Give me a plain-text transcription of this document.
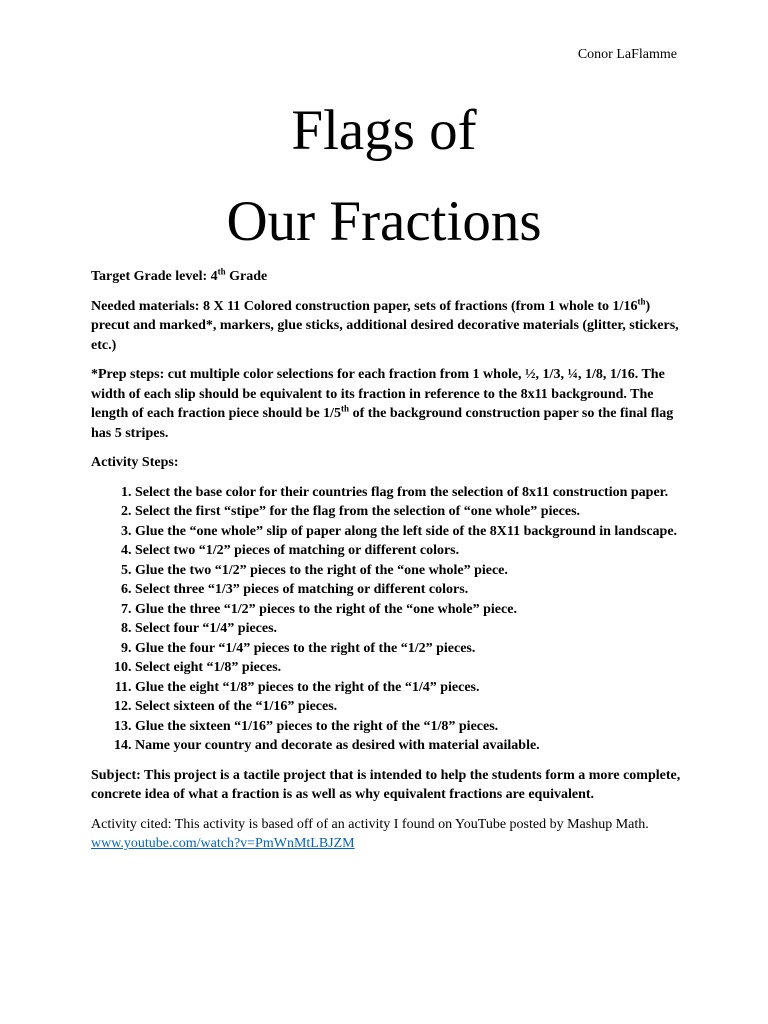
Conor LaFlamme
Flags of
Our Fractions

Target Grade level: 4th Grade

Needed materials: 8 X 11 Colored construction paper, sets of fractions (from 1 whole to 1/16th) precut and marked*, markers, glue sticks, additional desired decorative materials (glitter, stickers, etc.)

*Prep steps: cut multiple color selections for each fraction from 1 whole, ½, 1/3, ¼, 1/8, 1/16. The width of each slip should be equivalent to its fraction in reference to the 8x11 background. The length of each fraction piece should be 1/5th of the background construction paper so the final flag has 5 stripes.

Activity Steps:

1. Select the base color for their countries flag from the selection of 8x11 construction paper.
2. Select the first “stipe” for the flag from the selection of “one whole” pieces.
3. Glue the “one whole” slip of paper along the left side of the 8X11 background in landscape.
4. Select two “1/2” pieces of matching or different colors.
5. Glue the two “1/2” pieces to the right of the “one whole” piece.
6. Select three “1/3” pieces of matching or different colors.
7. Glue the three “1/2” pieces to the right of the “one whole” piece.
8. Select four “1/4” pieces.
9. Glue the four “1/4” pieces to the right of the “1/2” pieces.
10. Select eight “1/8” pieces.
11. Glue the eight “1/8” pieces to the right of the “1/4” pieces.
12. Select sixteen of the “1/16” pieces.
13. Glue the sixteen “1/16” pieces to the right of the “1/8” pieces.
14. Name your country and decorate as desired with material available.

Subject: This project is a tactile project that is intended to help the students form a more complete, concrete idea of what a fraction is as well as why equivalent fractions are equivalent.

Activity cited: This activity is based off of an activity I found on YouTube posted by Mashup Math. www.youtube.com/watch?v=PmWnMtLBJZM
